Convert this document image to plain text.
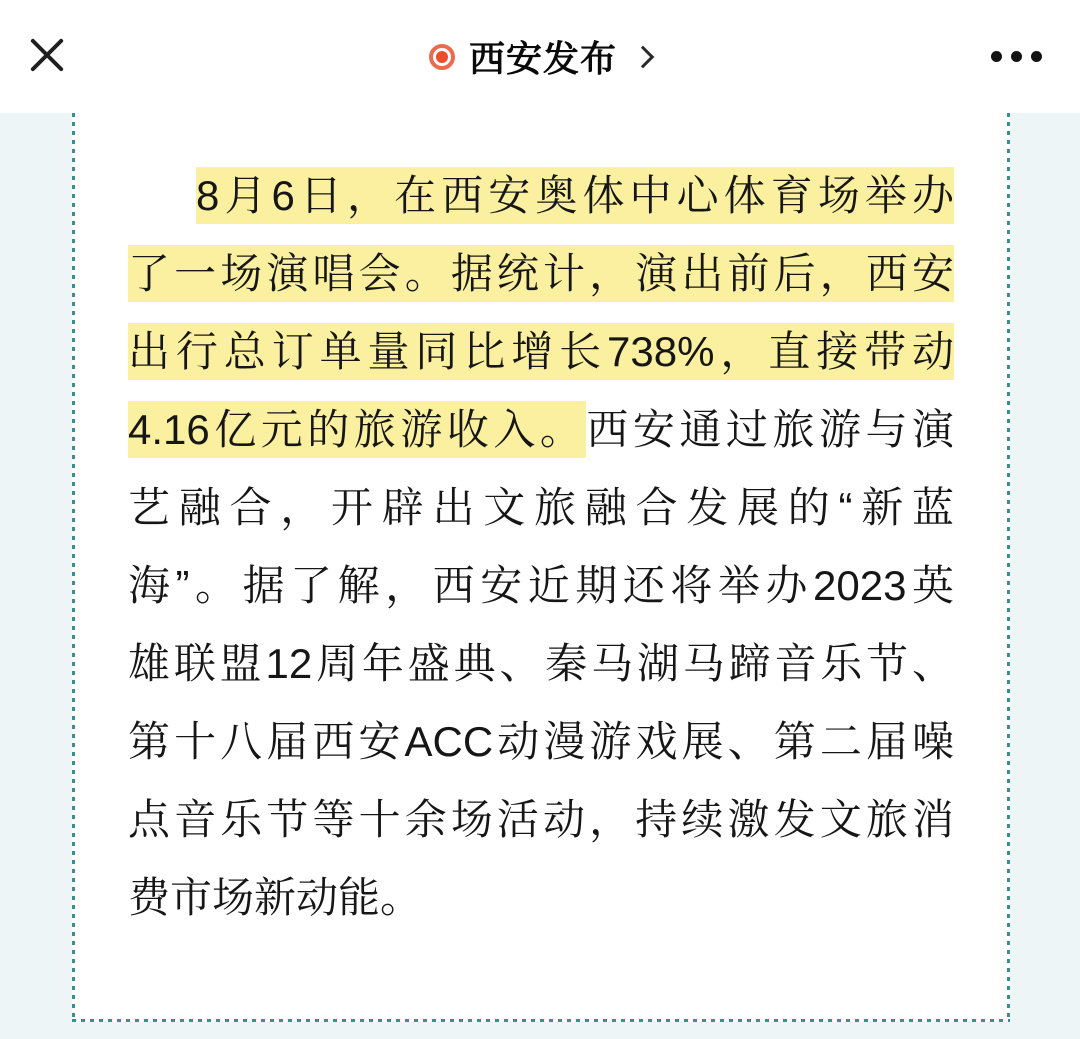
西安发布
8月6日，在西安奥体中心体育场举办
了一场演唱会。据统计，演出前后，西安
出行总订单量同比增长738%，直接带动
4.16亿元的旅游收入。西安通过旅游与演
艺融合，开辟出文旅融合发展的“新蓝
海”。据了解，西安近期还将举办2023英
雄联盟12周年盛典、秦马湖马蹄音乐节、
第十八届西安ACC动漫游戏展、第二届噪
点音乐节等十余场活动，持续激发文旅消
费市场新动能。
